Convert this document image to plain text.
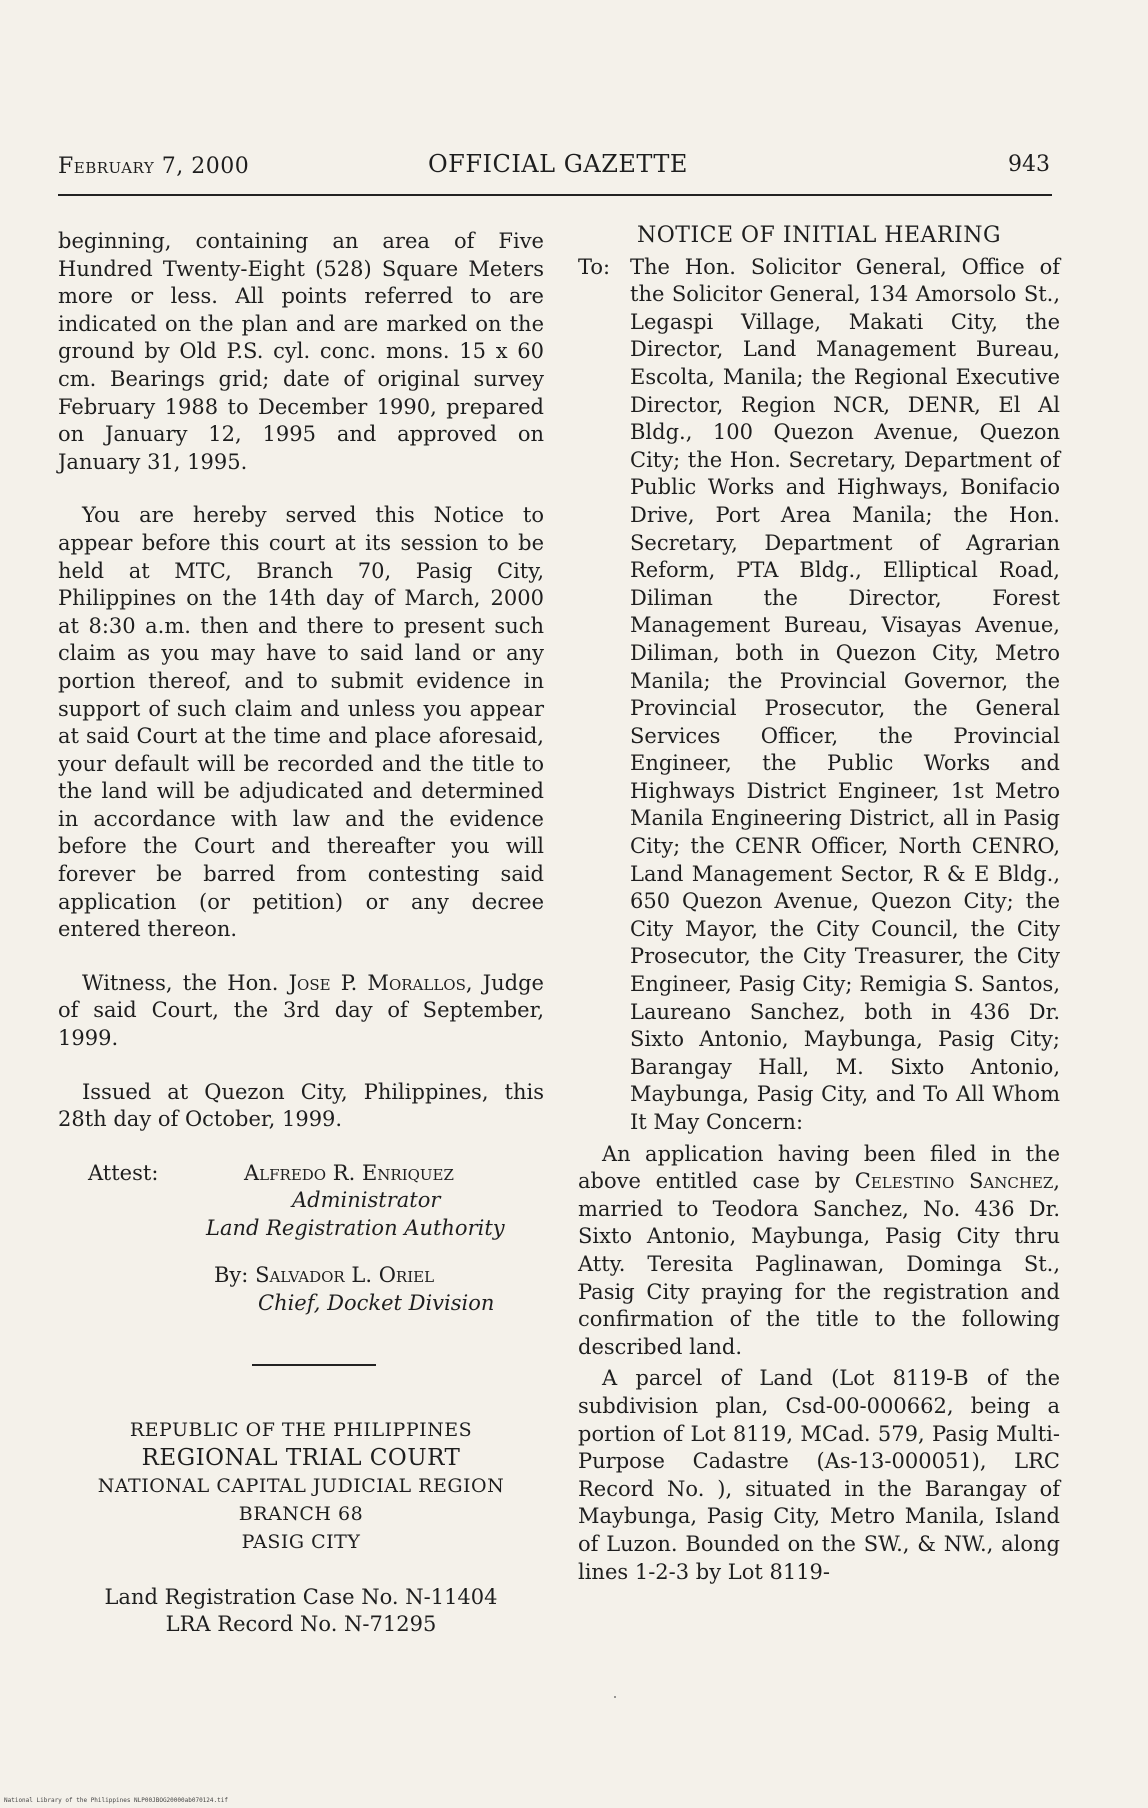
February 7, 2000	OFFICIAL GAZETTE	943

beginning, containing an area of Five Hundred Twenty-Eight (528) Square Meters more or less. All points referred to are indicated on the plan and are marked on the ground by Old P.S. cyl. conc. mons. 15 x 60 cm. Bearings grid; date of original survey February 1988 to December 1990, prepared on January 12, 1995 and approved on January 31, 1995.

You are hereby served this Notice to appear before this court at its session to be held at MTC, Branch 70, Pasig City, Philippines on the 14th day of March, 2000 at 8:30 a.m. then and there to present such claim as you may have to said land or any portion thereof, and to submit evidence in support of such claim and unless you appear at said Court at the time and place aforesaid, your default will be recorded and the title to the land will be adjudicated and determined in accordance with law and the evidence before the Court and thereafter you will forever be barred from contesting said application (or petition) or any decree entered thereon.

Witness, the Hon. Jose P. Morallos, Judge of said Court, the 3rd day of September, 1999.

Issued at Quezon City, Philippines, this 28th day of October, 1999.

Attest:	Alfredo R. Enriquez
Administrator
Land Registration Authority
By: Salvador L. Oriel
Chief, Docket Division
REPUBLIC OF THE PHILIPPINES
REGIONAL TRIAL COURT
NATIONAL CAPITAL JUDICIAL REGION
BRANCH 68
PASIG CITY
Land Registration Case No. N-11404
LRA Record No. N-71295
NOTICE OF INITIAL HEARING
To: The Hon. Solicitor General, Office of the Solicitor General, 134 Amorsolo St., Legaspi Village, Makati City, the Director, Land Management Bureau, Escolta, Manila; the Regional Executive Director, Region NCR, DENR, El Al Bldg., 100 Quezon Avenue, Quezon City; the Hon. Secretary, Department of Public Works and Highways, Bonifacio Drive, Port Area Manila; the Hon. Secretary, Department of Agrarian Reform, PTA Bldg., Elliptical Road, Diliman the Director, Forest Management Bureau, Visayas Avenue, Diliman, both in Quezon City, Metro Manila; the Provincial Governor, the Provincial Prosecutor, the General Services Officer, the Provincial Engineer, the Public Works and Highways District Engineer, 1st Metro Manila Engineering District, all in Pasig City; the CENR Officer, North CENRO, Land Management Sector, R & E Bldg., 650 Quezon Avenue, Quezon City; the City Mayor, the City Council, the City Prosecutor, the City Treasurer, the City Engineer, Pasig City; Remigia S. Santos, Laureano Sanchez, both in 436 Dr. Sixto Antonio, Maybunga, Pasig City; Barangay Hall, M. Sixto Antonio, Maybunga, Pasig City, and To All Whom It May Concern:

An application having been filed in the above entitled case by Celestino Sanchez, married to Teodora Sanchez, No. 436 Dr. Sixto Antonio, Maybunga, Pasig City thru Atty. Teresita Paglinawan, Dominga St., Pasig City praying for the registration and confirmation of the title to the following described land.

A parcel of Land (Lot 8119-B of the subdivision plan, Csd-00-000662, being a portion of Lot 8119, MCad. 579, Pasig Multi-Purpose Cadastre (As-13-000051), LRC Record No. ), situated in the Barangay of Maybunga, Pasig City, Metro Manila, Island of Luzon. Bounded on the SW., & NW., along lines 1-2-3 by Lot 8119-

National Library of the Philippines NLP00JBOG20000ab070124.tif
